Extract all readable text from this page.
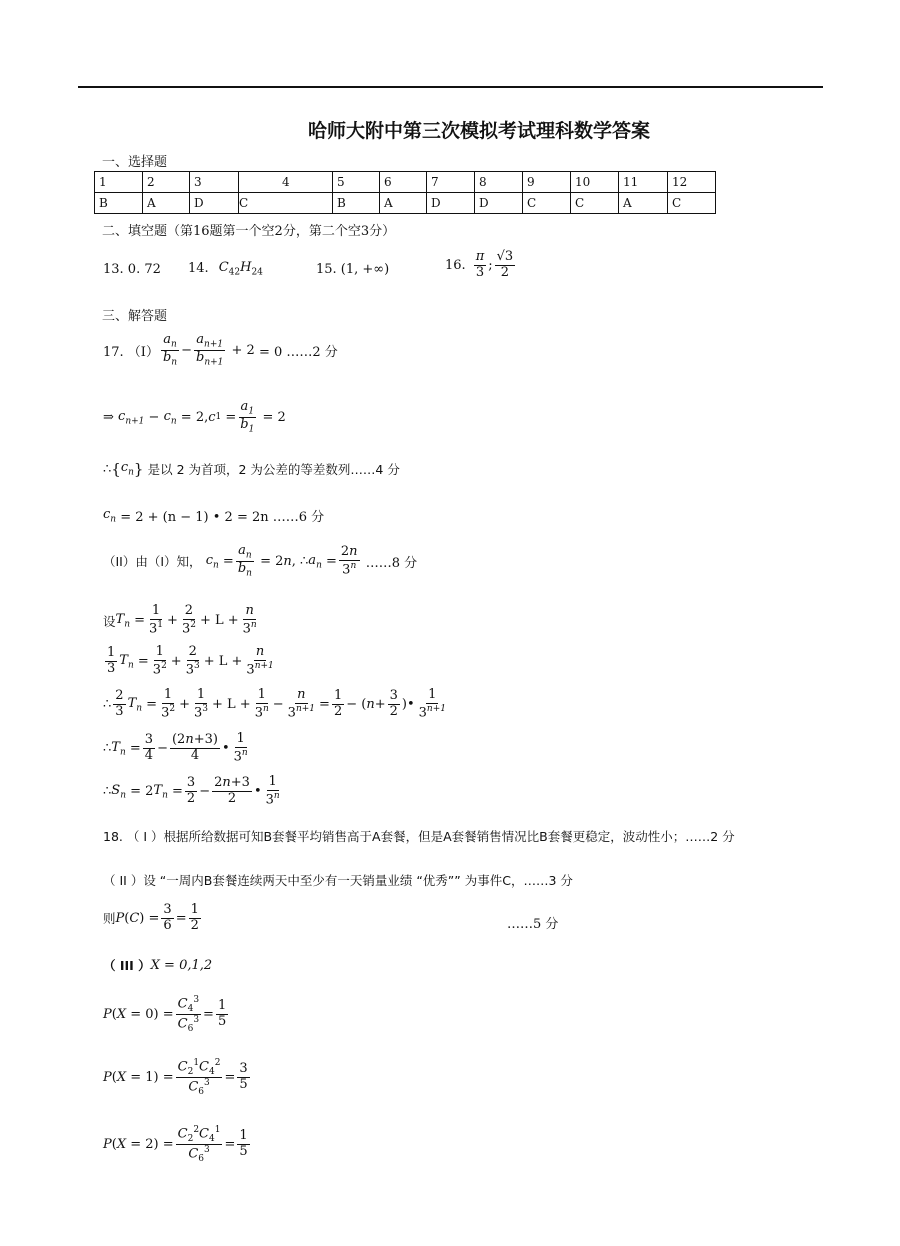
哈师大附中第三次模拟考试理科数学答案
一、选择题
1	2	3	4	5	6	7	8	9	10	11	12
B	A	D	C	B	A	D	D	C	C	A	C
二、填空题（第16题第一个空2分，第二个空3分）
13. 0. 72 14. $C_{42}H_{24}$	15. (1, +∞)	16. $\frac{\pi}{3}$ ; $\frac{√3}{2}$
三、解答题
17. $(I) \frac{a_n}{b_n} - \frac{a_{n+1}}{b_{n+1}} + 2 = 0$ ……2 分
⇒ $c_{n+1} - c_n = 2$, c $1 = \frac{a_1}{b_1}$
= 2
∴ { $c_n$ }
是以 2 为首项，2 为公差的等差数列……4 分
$c_n$
= 2 + (n − 1) • 2 = 2n ……6 分
（II）由（I）知， $c_n = \frac{a_n}{b_n} = 2$ n , ∴ $a_n = \frac{2n}{3^n}$
……8 分
设 $T_n = \frac{1}{3^1} + \frac{2}{3^2} + L + \frac{n}{3^n}$
$\frac{1}{3} T_n = \frac{1}{3^2} + \frac{2}{3^3} + L + \frac{n}{3^{n+1}}$
∴ $\frac{2}{3} T_n = \frac{1}{3^2} + \frac{1}{3^3} + L + \frac{1}{3^n} - \frac{n}{3^{n+1}} = \frac{1}{2}$ − ( $n + \frac{3}{2}$ )• $\frac{1}{3^{n+1}}$
∴ $T_n = \frac{3}{4} - \frac{(2n+3)}{4}$ • $\frac{1}{3^n}$
∴ $S_n = 2$ $T_n = \frac{3}{2} - \frac{2n+3}{2}$ • $\frac{1}{3^n}$
18. （ I ）根据所给数据可知B套餐平均销售高于A套餐，但是A套餐销售情况比B套餐更稳定，波动性小；……2 分
（ II ）设 “一周内B套餐连续两天中至少有一天销量业绩 “优秀”” 为事件C，……3 分
则 P ( C ) = $\frac{3}{6} = \frac{1}{2}$	……5 分
（ III ） X = 0,1,2
P ( $X = 0) = \frac{C_4^3}{C_6^3} = \frac{1}{5}$
P ( $X = 1) = \frac{C_2^1C_4^2}{C_6^3} = \frac{3}{5}$
P ( $X = 2) = \frac{C_2^2C_4^1}{C_6^3} = \frac{1}{5}$
